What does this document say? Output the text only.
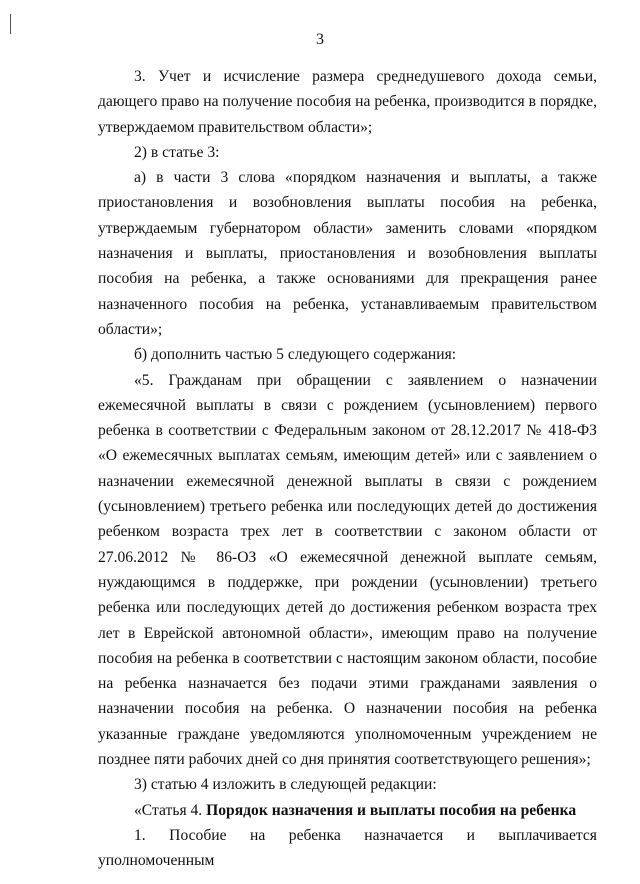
3

3. Учет и исчисление размера среднедушевого дохода семьи, дающего право на получение пособия на ребенка, производится в порядке, утверждаемом правительством области»;

2) в статье 3:

а) в части 3 слова «порядком назначения и выплаты, а также приостановления и возобновления выплаты пособия на ребенка, утверждаемым губернатором области» заменить словами «порядком назначения и выплаты, приостановления и возобновления выплаты пособия на ребенка, а также основаниями для прекращения ранее назначенного пособия на ребенка, устанавливаемым правительством области»;

б) дополнить частью 5 следующего содержания:

«5. Гражданам при обращении с заявлением о назначении ежемесячной выплаты в связи с рождением (усыновлением) первого ребенка в соответствии с Федеральным законом от 28.12.2017 № 418-ФЗ «О ежемесячных выплатах семьям, имеющим детей» или с заявлением о назначении ежемесячной денежной выплаты в связи с рождением (усыновлением) третьего ребенка или последующих детей до достижения ребенком возраста трех лет в соответствии с законом области от 27.06.2012 № 86-ОЗ «О ежемесячной денежной выплате семьям, нуждающимся в поддержке, при рождении (усыновлении) третьего ребенка или последующих детей до достижения ребенком возраста трех лет в Еврейской автономной области», имеющим право на получение пособия на ребенка в соответствии с настоящим законом области, пособие на ребенка назначается без подачи этими гражданами заявления о назначении пособия на ребенка. О назначении пособия на ребенка указанные граждане уведомляются уполномоченным учреждением не позднее пяти рабочих дней со дня принятия соответствующего решения»;

3) статью 4 изложить в следующей редакции:

«Статья 4. Порядок назначения и выплаты пособия на ребенка

1. Пособие на ребенка назначается и выплачивается уполномоченным
